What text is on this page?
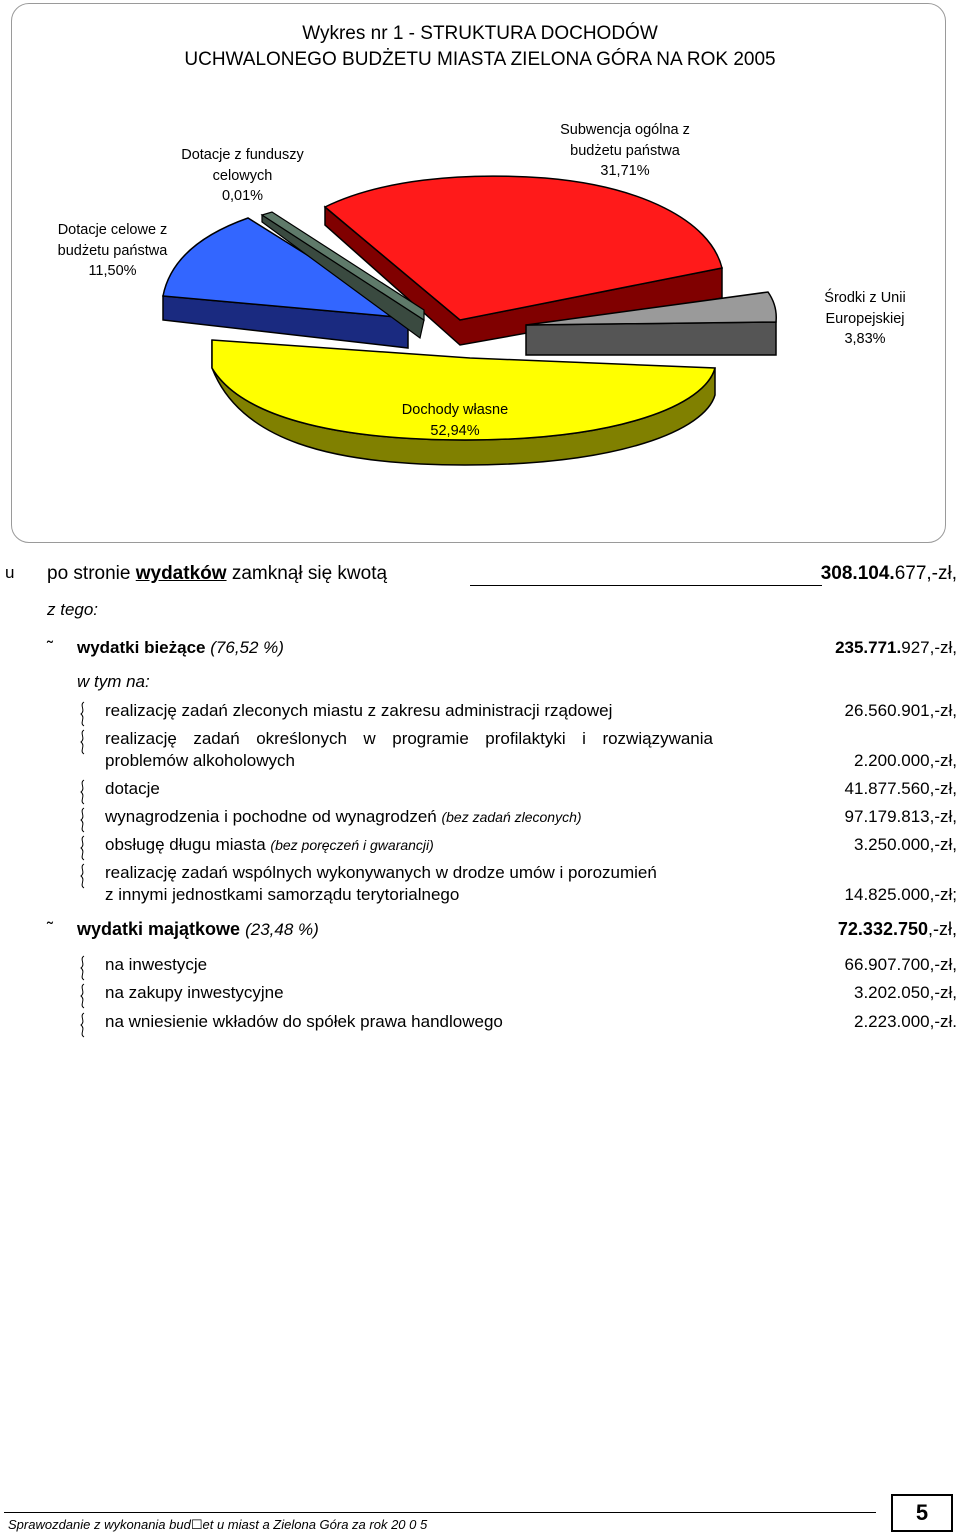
Wykres nr 1 - STRUKTURA DOCHODÓW
UCHWALONEGO BUDŻETU MIASTA ZIELONA GÓRA NA ROK 2005
Dotacje z funduszy
celowych
0,01%
Subwencja ogólna z
budżetu państwa
31,71%
Dotacje celowe z
budżetu państwa
11,50%
Środki z Unii
Europejskiej
3,83%
Dochody własne
52,94%
u po stronie wydatków zamknął się kwotą	308.104.677,-zł,
z tego:
˜ wydatki bieżące (76,52 %)	235.771.927,-zł,
w tym na:
realizację zadań zleconych miastu z zakresu administracji rządowej	26.560.901,-zł,
realizację zadań określonych w programie profilaktyki i rozwiązywania
problemów alkoholowych	2.200.000,-zł,
dotacje	41.877.560,-zł,
wynagrodzenia i pochodne od wynagrodzeń (bez zadań zleconych)	97.179.813,-zł,
obsługę długu miasta (bez poręczeń i gwarancji)	3.250.000,-zł,
realizację zadań wspólnych wykonywanych w drodze umów i porozumień
z innymi jednostkami samorządu terytorialnego	14.825.000,-zł;
˜ wydatki majątkowe (23,48 %)	72.332.750,-zł,
na inwestycje	66.907.700,-zł,
na zakupy inwestycyjne	3.202.050,-zł,
na wniesienie wkładów do spółek prawa handlowego	2.223.000,-zł.
Sprawozdanie z wykonania bud☐et u miast a Zielona Góra za rok 20 0 5	5
